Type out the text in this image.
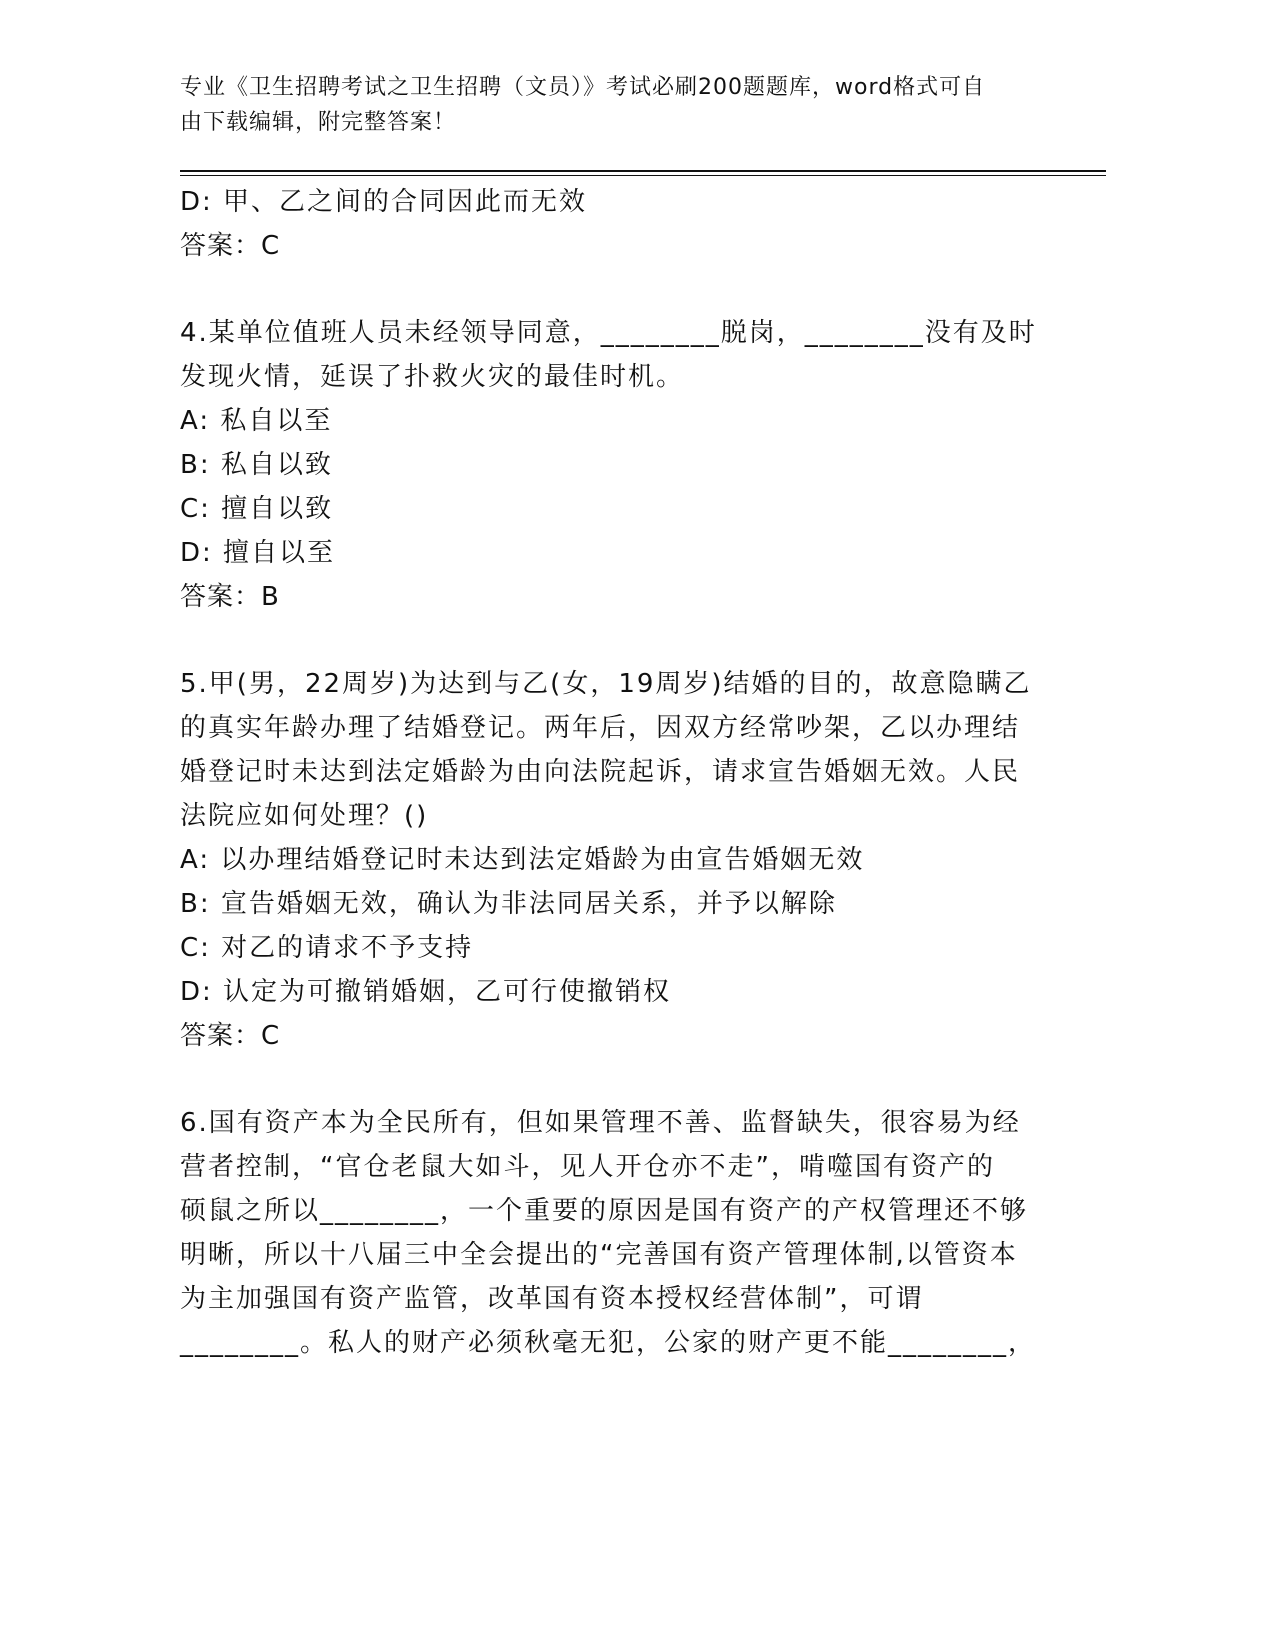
专业《卫生招聘考试之卫生招聘（文员）》考试必刷200题题库，word格式可自
由下载编辑，附完整答案！
D: 甲、乙之间的合同因此而无效
答案：C
4.某单位值班人员未经领导同意，________脱岗，________没有及时
发现火情，延误了扑救火灾的最佳时机。
A: 私自以至
B: 私自以致
C: 擅自以致
D: 擅自以至
答案：B
5.甲(男，22周岁)为达到与乙(女，19周岁)结婚的目的，故意隐瞒乙
的真实年龄办理了结婚登记。两年后，因双方经常吵架，乙以办理结
婚登记时未达到法定婚龄为由向法院起诉，请求宣告婚姻无效。人民
法院应如何处理？()
A: 以办理结婚登记时未达到法定婚龄为由宣告婚姻无效
B: 宣告婚姻无效，确认为非法同居关系，并予以解除
C: 对乙的请求不予支持
D: 认定为可撤销婚姻，乙可行使撤销权
答案：C
6.国有资产本为全民所有，但如果管理不善、监督缺失，很容易为经
营者控制，“官仓老鼠大如斗，见人开仓亦不走”，啃噬国有资产的
硕鼠之所以________，一个重要的原因是国有资产的产权管理还不够
明晰，所以十八届三中全会提出的“完善国有资产管理体制,以管资本
为主加强国有资产监管，改革国有资本授权经营体制”，可谓
________。私人的财产必须秋毫无犯，公家的财产更不能________，
